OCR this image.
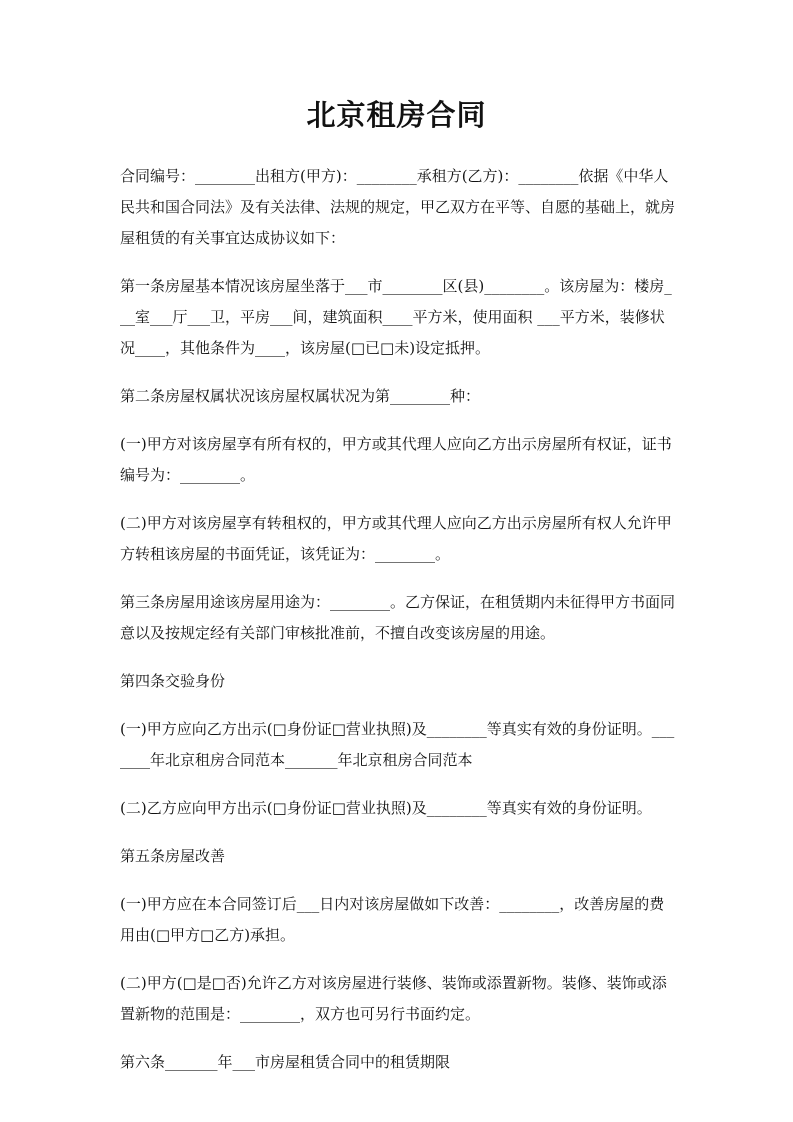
北京租房合同

合同编号：________出租方(甲方)：________承租方(乙方)：________依据《中华人民共和国合同法》及有关法律、法规的规定，甲乙双方在平等、自愿的基础上，就房屋租赁的有关事宜达成协议如下：

第一条房屋基本情况该房屋坐落于___市________区(县)________。该房屋为：楼房___室___厅___卫，平房___间，建筑面积____平方米，使用面积 ___平方米，装修状况____，其他条件为____，该房屋(□已□未)设定抵押。

第二条房屋权属状况该房屋权属状况为第________种：

(一)甲方对该房屋享有所有权的，甲方或其代理人应向乙方出示房屋所有权证，证书编号为：________。

(二)甲方对该房屋享有转租权的，甲方或其代理人应向乙方出示房屋所有权人允许甲方转租该房屋的书面凭证，该凭证为：________。

第三条房屋用途该房屋用途为：________。乙方保证，在租赁期内未征得甲方书面同意以及按规定经有关部门审核批准前，不擅自改变该房屋的用途。

第四条交验身份

(一)甲方应向乙方出示(□身份证□营业执照)及________等真实有效的身份证明。_______年北京租房合同范本_______年北京租房合同范本

(二)乙方应向甲方出示(□身份证□营业执照)及________等真实有效的身份证明。

第五条房屋改善

(一)甲方应在本合同签订后___日内对该房屋做如下改善：________，改善房屋的费用由(□甲方□乙方)承担。

(二)甲方(□是□否)允许乙方对该房屋进行装修、装饰或添置新物。装修、装饰或添置新物的范围是：________，双方也可另行书面约定。

第六条_______年___市房屋租赁合同中的租赁期限
